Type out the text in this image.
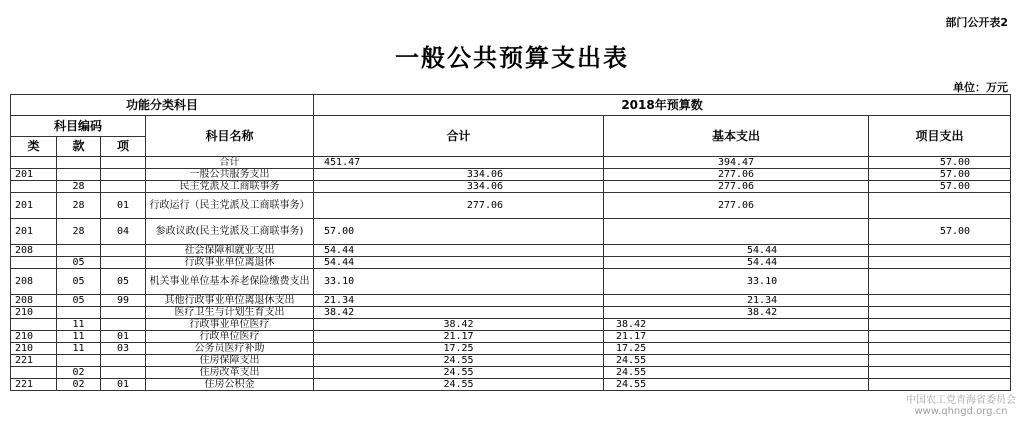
部门公开表2
一般公共预算支出表
单位：万元
功能分类科目				2018年预算数		
科目编码			科目名称	合计	基本支出	项目支出
类	款	项				
			合计	451.47	394.47	57.00
201			一般公共服务支出	334.06	277.06	57.00
	28		民主党派及工商联事务	334.06	277.06	57.00
201	28	01	行政运行（民主党派及工商联事务）	277.06	277.06	
201	28	04	参政议政(民主党派及工商联事务)	57.00		57.00
208			社会保障和就业支出	54.44	54.44	
	05		行政事业单位离退休	54.44	54.44	
208	05	05	机关事业单位基本养老保险缴费支出	33.10	33.10	
208	05	99	其他行政事业单位离退休支出	21.34	21.34	
210			医疗卫生与计划生育支出	38.42	38.42	
	11		行政事业单位医疗	38.42	38.42	
210	11	01	行政单位医疗	21.17	21.17	
210	11	03	公务员医疗补助	17.25	17.25	
221			住房保障支出	24.55	24.55	
	02		住房改革支出	24.55	24.55	
221	02	01	住房公积金	24.55	24.55	
中国农工党青海省委员会
www.qhngd.org.cn
